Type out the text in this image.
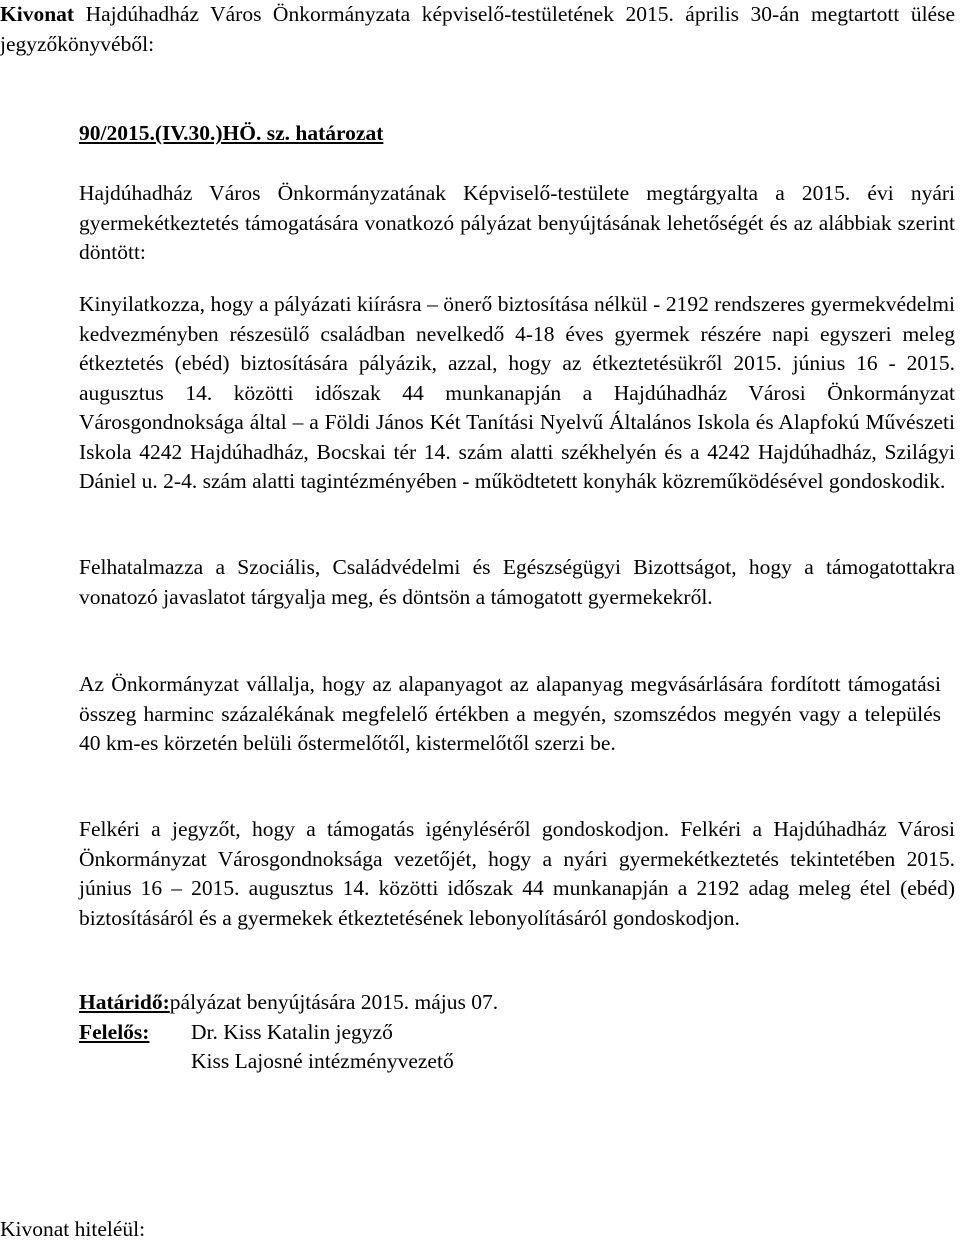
Kivonat Hajdúhadház Város Önkormányzata képviselő-testületének 2015. április 30-án megtartott ülése jegyzőkönyvéből:

90/2015.(IV.30.)HÖ. sz. határozat

Hajdúhadház Város Önkormányzatának Képviselő-testülete megtárgyalta a 2015. évi nyári gyermekétkeztetés támogatására vonatkozó pályázat benyújtásának lehetőségét és az alábbiak szerint döntött:

Kinyilatkozza, hogy a pályázati kiírásra – önerő biztosítása nélkül - 2192 rendszeres gyermekvédelmi kedvezményben részesülő családban nevelkedő 4-18 éves gyermek részére napi egyszeri meleg étkeztetés (ebéd) biztosítására pályázik, azzal, hogy az étkeztetésükről 2015. június 16 - 2015. augusztus 14. közötti időszak 44 munkanapján a Hajdúhadház Városi Önkormányzat Városgondnoksága által – a Földi János Két Tanítási Nyelvű Általános Iskola és Alapfokú Művészeti Iskola 4242 Hajdúhadház, Bocskai tér 14. szám alatti székhelyén és a 4242 Hajdúhadház, Szilágyi Dániel u. 2-4. szám alatti tagintézményében - működtetett konyhák közreműködésével gondoskodik.

Felhatalmazza a Szociális, Családvédelmi és Egészségügyi Bizottságot, hogy a támogatottakra vonatozó javaslatot tárgyalja meg, és döntsön a támogatott gyermekekről.

Az Önkormányzat vállalja, hogy az alapanyagot az alapanyag megvásárlására fordított támogatási összeg harminc százalékának megfelelő értékben a megyén, szomszédos megyén vagy a település 40 km-es körzetén belüli őstermelőtől, kistermelőtől szerzi be.

Felkéri a jegyzőt, hogy a támogatás igényléséről gondoskodjon. Felkéri a Hajdúhadház Városi Önkormányzat Városgondnoksága vezetőjét, hogy a nyári gyermekétkeztetés tekintetében 2015. június 16 – 2015. augusztus 14. közötti időszak 44 munkanapján a 2192 adag meleg étel (ebéd) biztosításáról és a gyermekek étkeztetésének lebonyolításáról gondoskodjon.

Határidő: pályázat benyújtására 2015. május 07.
Felelős:	Dr. Kiss Katalin jegyző
Kiss Lajosné intézményvezető

Kivonat hiteléül:
